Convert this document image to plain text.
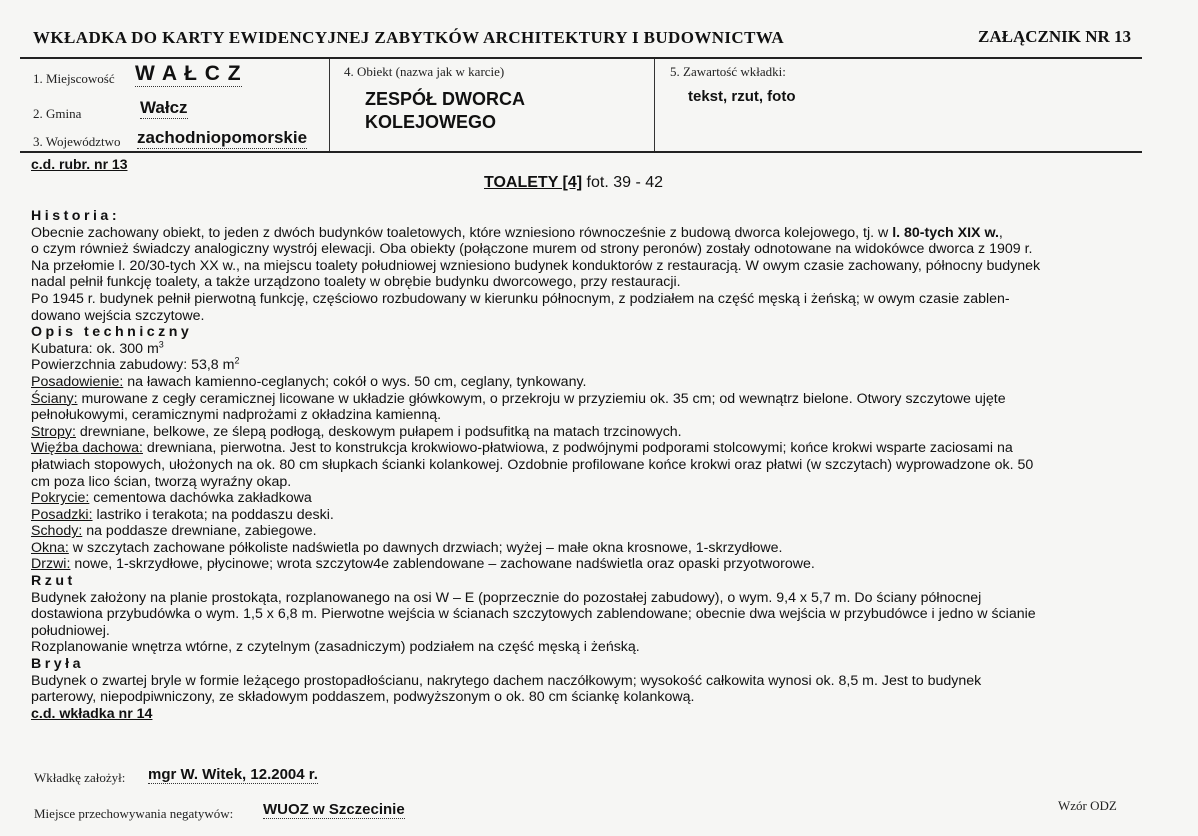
WKŁADKA DO KARTY EWIDENCYJNEJ ZABYTKÓW ARCHITEKTURY I BUDOWNICTWA	ZAŁĄCZNIK NR 13
1. Miejscowość W A Ł C Z
2. Gmina	Wałcz
3. Województwo zachodniopomorskie
4. Obiekt (nazwa jak w karcie)
ZESPÓŁ DWORCA
KOLEJOWEGO
5. Zawartość wkładki:
tekst, rzut, foto
c.d. rubr. nr 13
TOALETY [4] fot. 39 - 42
Historia:
Obecnie zachowany obiekt, to jeden z dwóch budynków toaletowych, które wzniesiono równocześnie z budową dworca kolejowego, tj. w l. 80-tych XIX w.,
o czym również świadczy analogiczny wystrój elewacji. Oba obiekty (połączone murem od strony peronów) zostały odnotowane na widokówce dworca z 1909 r.
Na przełomie l. 20/30-tych XX w., na miejscu toalety południowej wzniesiono budynek konduktorów z restauracją. W owym czasie zachowany, północny budynek
nadal pełnił funkcję toalety, a także urządzono toalety w obrębie budynku dworcowego, przy restauracji.
Po 1945 r. budynek pełnił pierwotną funkcję, częściowo rozbudowany w kierunku północnym, z podziałem na część męską i żeńską; w owym czasie zablen-
dowano wejścia szczytowe.
Opis techniczny
Kubatura: ok. 300 $m^3$
Powierzchnia zabudowy: 53,8 $m^2$
Posadowienie: na ławach kamienno-ceglanych; cokół o wys. 50 cm, ceglany, tynkowany.
Ściany: murowane z cegły ceramicznej licowane w układzie główkowym, o przekroju w przyziemiu ok. 35 cm; od wewnątrz bielone. Otwory szczytowe ujęte
pełnołukowymi, ceramicznymi nadprożami z okładzina kamienną.
Stropy: drewniane, belkowe, ze ślepą podłogą, deskowym pułapem i podsufitką na matach trzcinowych.
Więźba dachowa: drewniana, pierwotna. Jest to konstrukcja krokwiowo-płatwiowa, z podwójnymi podporami stolcowymi; końce krokwi wsparte zaciosami na
płatwiach stopowych, ułożonych na ok. 80 cm słupkach ścianki kolankowej. Ozdobnie profilowane końce krokwi oraz płatwi (w szczytach) wyprowadzone ok. 50
cm poza lico ścian, tworzą wyraźny okap.
Pokrycie: cementowa dachówka zakładkowa
Posadzki: lastriko i terakota; na poddaszu deski.
Schody: na poddasze drewniane, zabiegowe.
Okna: w szczytach zachowane półkoliste nadświetla po dawnych drzwiach; wyżej – małe okna krosnowe, 1-skrzydłowe.
Drzwi: nowe, 1-skrzydłowe, płycinowe; wrota szczytow4e zablendowane – zachowane nadświetla oraz opaski przyotworowe.
Rzut
Budynek założony na planie prostokąta, rozplanowanego na osi W – E (poprzecznie do pozostałej zabudowy), o wym. 9,4 x 5,7 m. Do ściany północnej
dostawiona przybudówka o wym. 1,5 x 6,8 m. Pierwotne wejścia w ścianach szczytowych zablendowane; obecnie dwa wejścia w przybudówce i jedno w ścianie
południowej.
Rozplanowanie wnętrza wtórne, z czytelnym (zasadniczym) podziałem na część męską i żeńską.
Bryła
Budynek o zwartej bryle w formie leżącego prostopadłościanu, nakrytego dachem naczółkowym; wysokość całkowita wynosi ok. 8,5 m. Jest to budynek
parterowy, niepodpiwniczony, ze składowym poddaszem, podwyższonym o ok. 80 cm ściankę kolankową.
c.d. wkładka nr 14
Wkładkę założył: mgr W. Witek, 12.2004 r.
Miejsce przechowywania negatywów: WUOZ w Szczecinie	Wzór ODZ
